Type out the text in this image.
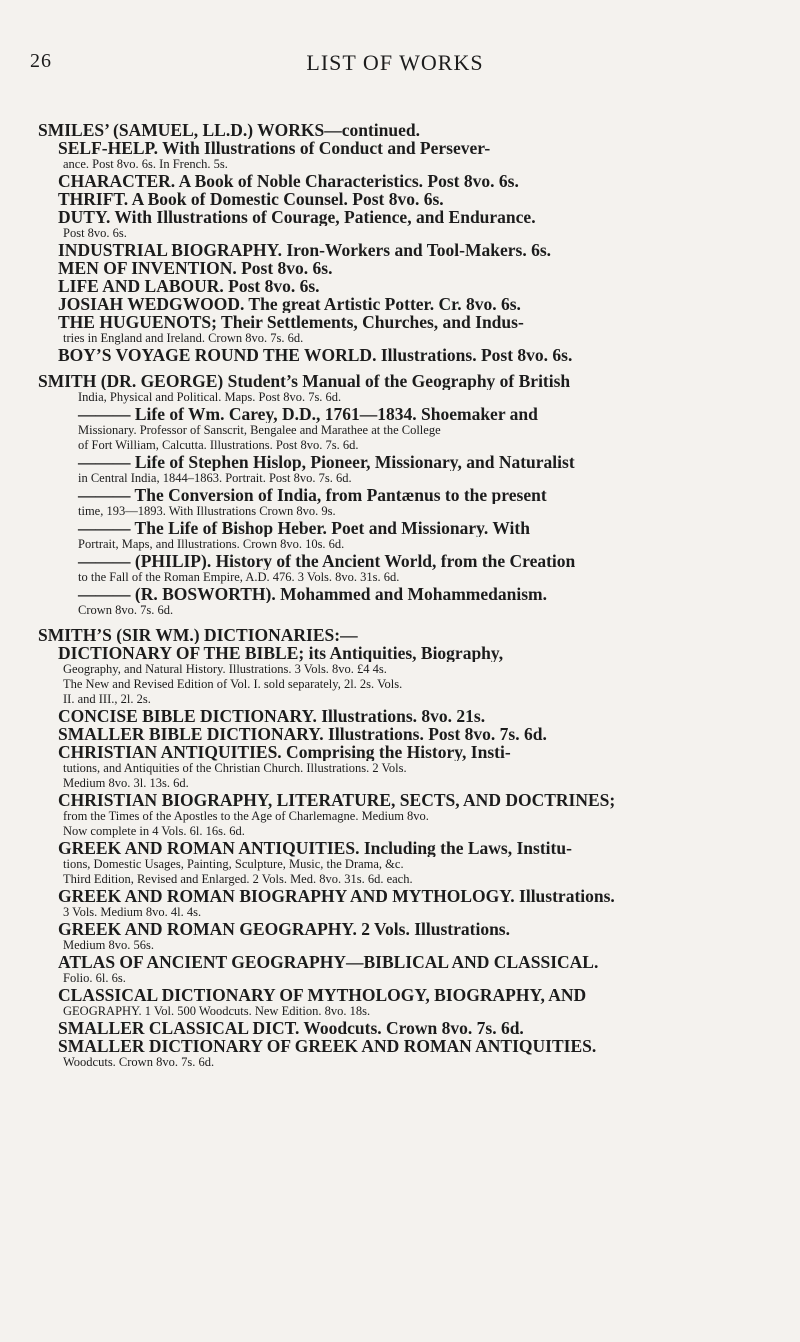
26	LIST OF WORKS
SMILES’ (SAMUEL, LL.D.) WORKS—continued.
SELF-HELP. With Illustrations of Conduct and Persever-
ance. Post 8vo. 6s. In French. 5s.
CHARACTER. A Book of Noble Characteristics. Post 8vo. 6s.
THRIFT. A Book of Domestic Counsel. Post 8vo. 6s.
DUTY. With Illustrations of Courage, Patience, and Endurance.
Post 8vo. 6s.
INDUSTRIAL BIOGRAPHY. Iron-Workers and Tool-Makers. 6s.
MEN OF INVENTION. Post 8vo. 6s.
LIFE AND LABOUR. Post 8vo. 6s.
JOSIAH WEDGWOOD. The great Artistic Potter. Cr. 8vo. 6s.
THE HUGUENOTS; Their Settlements, Churches, and Indus-
tries in England and Ireland. Crown 8vo. 7s. 6d.
BOY’S VOYAGE ROUND THE WORLD. Illustrations. Post 8vo. 6s.
SMITH (DR. GEORGE) Student’s Manual of the Geography of British
India, Physical and Political. Maps. Post 8vo. 7s. 6d.
——— Life of Wm. Carey, D.D., 1761—1834. Shoemaker and
Missionary. Professor of Sanscrit, Bengalee and Marathee at the College
of Fort William, Calcutta. Illustrations. Post 8vo. 7s. 6d.
——— Life of Stephen Hislop, Pioneer, Missionary, and Naturalist
in Central India, 1844–1863. Portrait. Post 8vo. 7s. 6d.
——— The Conversion of India, from Pantænus to the present
time, 193—1893. With Illustrations Crown 8vo. 9s.
——— The Life of Bishop Heber. Poet and Missionary. With
Portrait, Maps, and Illustrations. Crown 8vo. 10s. 6d.
——— (PHILIP). History of the Ancient World, from the Creation
to the Fall of the Roman Empire, A.D. 476. 3 Vols. 8vo. 31s. 6d.
——— (R. BOSWORTH). Mohammed and Mohammedanism.
Crown 8vo. 7s. 6d.
SMITH’S (SIR WM.) DICTIONARIES:—
DICTIONARY OF THE BIBLE; its Antiquities, Biography,
Geography, and Natural History. Illustrations. 3 Vols. 8vo. £4 4s.
The New and Revised Edition of Vol. I. sold separately, 2l. 2s. Vols.
II. and III., 2l. 2s.
CONCISE BIBLE DICTIONARY. Illustrations. 8vo. 21s.
SMALLER BIBLE DICTIONARY. Illustrations. Post 8vo. 7s. 6d.
CHRISTIAN ANTIQUITIES. Comprising the History, Insti-
tutions, and Antiquities of the Christian Church. Illustrations. 2 Vols.
Medium 8vo. 3l. 13s. 6d.
CHRISTIAN BIOGRAPHY, LITERATURE, SECTS, AND DOCTRINES;
from the Times of the Apostles to the Age of Charlemagne. Medium 8vo.
Now complete in 4 Vols. 6l. 16s. 6d.
GREEK AND ROMAN ANTIQUITIES. Including the Laws, Institu-
tions, Domestic Usages, Painting, Sculpture, Music, the Drama, &c.
Third Edition, Revised and Enlarged. 2 Vols. Med. 8vo. 31s. 6d. each.
GREEK AND ROMAN BIOGRAPHY AND MYTHOLOGY. Illustrations.
3 Vols. Medium 8vo. 4l. 4s.
GREEK AND ROMAN GEOGRAPHY. 2 Vols. Illustrations.
Medium 8vo. 56s.
ATLAS OF ANCIENT GEOGRAPHY—BIBLICAL AND CLASSICAL.
Folio. 6l. 6s.
CLASSICAL DICTIONARY OF MYTHOLOGY, BIOGRAPHY, AND
GEOGRAPHY. 1 Vol. 500 Woodcuts. New Edition. 8vo. 18s.
SMALLER CLASSICAL DICT. Woodcuts. Crown 8vo. 7s. 6d.
SMALLER DICTIONARY OF GREEK AND ROMAN ANTIQUITIES.
Woodcuts. Crown 8vo. 7s. 6d.
